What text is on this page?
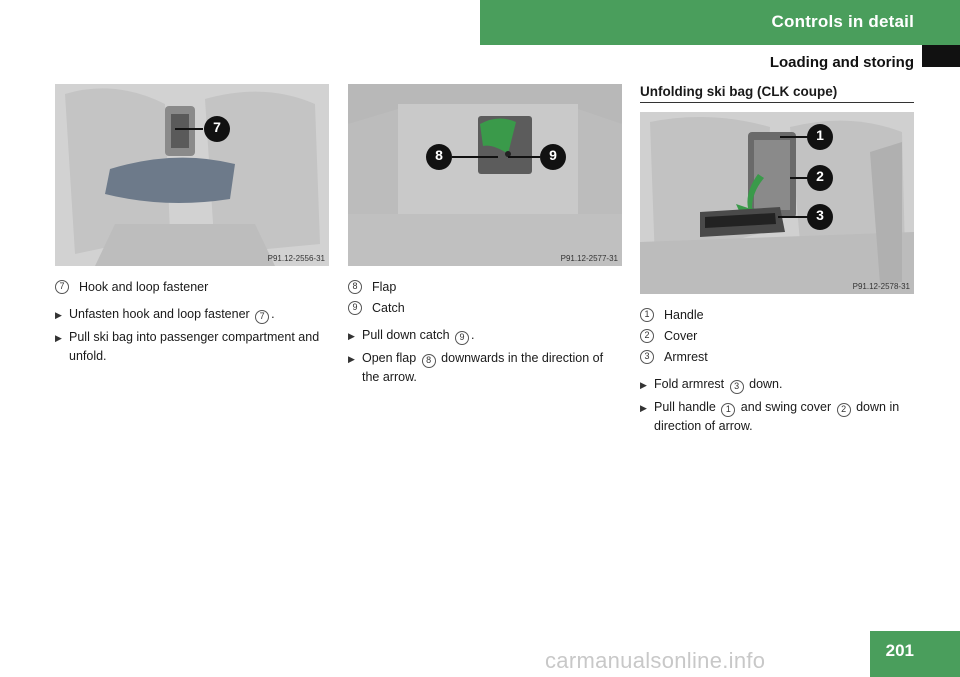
Controls in detail
Loading and storing
7
P91.12-2556-31
7	Hook and loop fastener
▶ Unfasten hook and loop fastener 7 .
▶ Pull ski bag into passenger compartment and unfold.
8	9
P91.12-2577-31
8	Flap
9	Catch
▶ Pull down catch 9 .
▶ Open flap 8 downwards in the direction of the arrow.
Unfolding ski bag (CLK coupe)
1
2
3
P91.12-2578-31
1	Handle
2	Cover
3	Armrest
▶ Fold armrest 3 down.
▶ Pull handle 1 and swing cover 2 down in direction of arrow.
201
carmanualsonline.info
